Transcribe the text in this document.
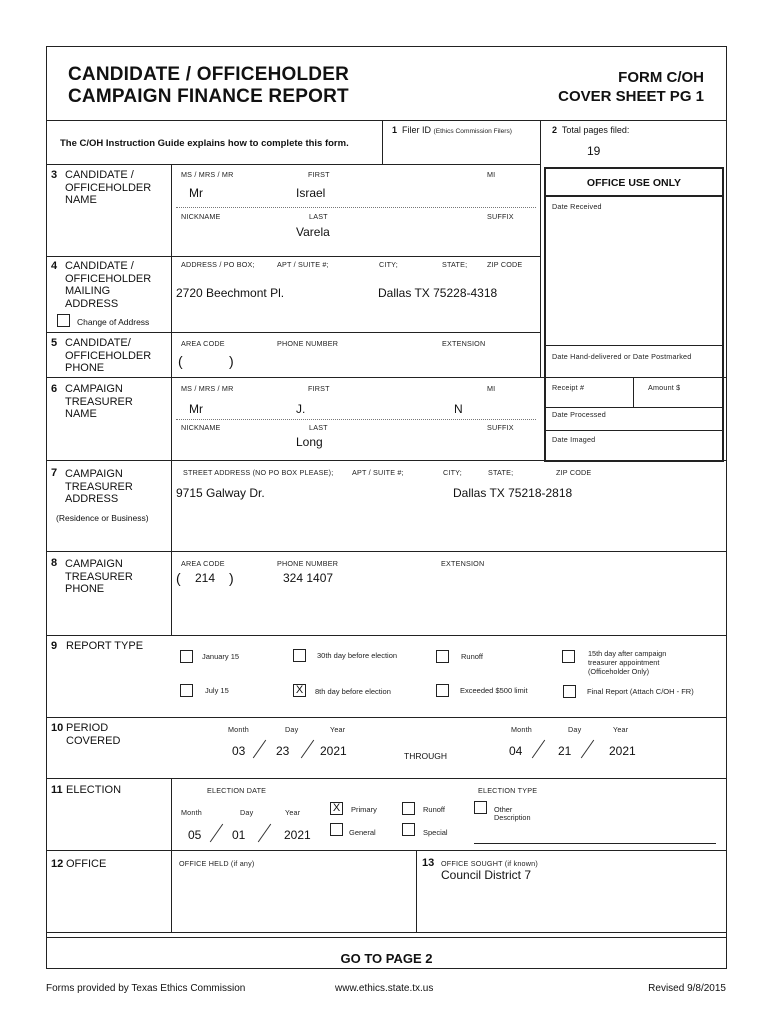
CANDIDATE / OFFICEHOLDER
CAMPAIGN FINANCE REPORT
FORM C/OH
COVER SHEET PG 1
The C/OH Instruction Guide explains how to complete this form.
1 Filer ID (Ethics Commission Filers)	2 Total pages filed:
19
OFFICE USE ONLY
Date Received
Date Hand-delivered or Date Postmarked
Receipt #	Amount $
Date Processed
Date Imaged
3 CANDIDATE / OFFICEHOLDER NAME
MS / MRS / MR	FIRST	MI
Mr	Israel
NICKNAME	LAST	SUFFIX
Varela
4 CANDIDATE / OFFICEHOLDER MAILING ADDRESS
ADDRESS / PO BOX;	APT / SUITE #;	CITY;	STATE;	ZIP CODE
2720 Beechmont Pl.	Dallas TX 75228-4318
Change of Address
5 CANDIDATE/ OFFICEHOLDER PHONE
AREA CODE	PHONE NUMBER	EXTENSION
(	)
6 CAMPAIGN TREASURER NAME
MS / MRS / MR	FIRST	MI
Mr	J.	N
NICKNAME	LAST	SUFFIX
Long
7 CAMPAIGN TREASURER ADDRESS
(Residence or Business)
STREET ADDRESS (NO PO BOX PLEASE);	APT / SUITE #;	CITY;	STATE;	ZIP CODE
9715 Galway Dr.	Dallas TX 75218-2818
8 CAMPAIGN TREASURER PHONE
AREA CODE	PHONE NUMBER	EXTENSION
( 214 )	324 1407
9 REPORT TYPE
January 15	30th day before election	Runoff	15th day after campaign
treasurer appointment
(Officeholder Only)
July 15	X	8th day before election	Exceeded $500 limit	Final Report (Attach C/OH - FR)
10 PERIOD COVERED
Month	Day	Year
03	23	2021	THROUGH
Month	Day	Year
04	21	2021
11 ELECTION	ELECTION DATE	ELECTION TYPE
Month	Day	Year
05	01	2021
X	Primary	Runoff	Other
Description
General	Special
12 OFFICE	OFFICE HELD (if any)	13 OFFICE SOUGHT (if known)
Council District 7
GO TO PAGE 2
Forms provided by Texas Ethics Commission	www.ethics.state.tx.us	Revised 9/8/2015
